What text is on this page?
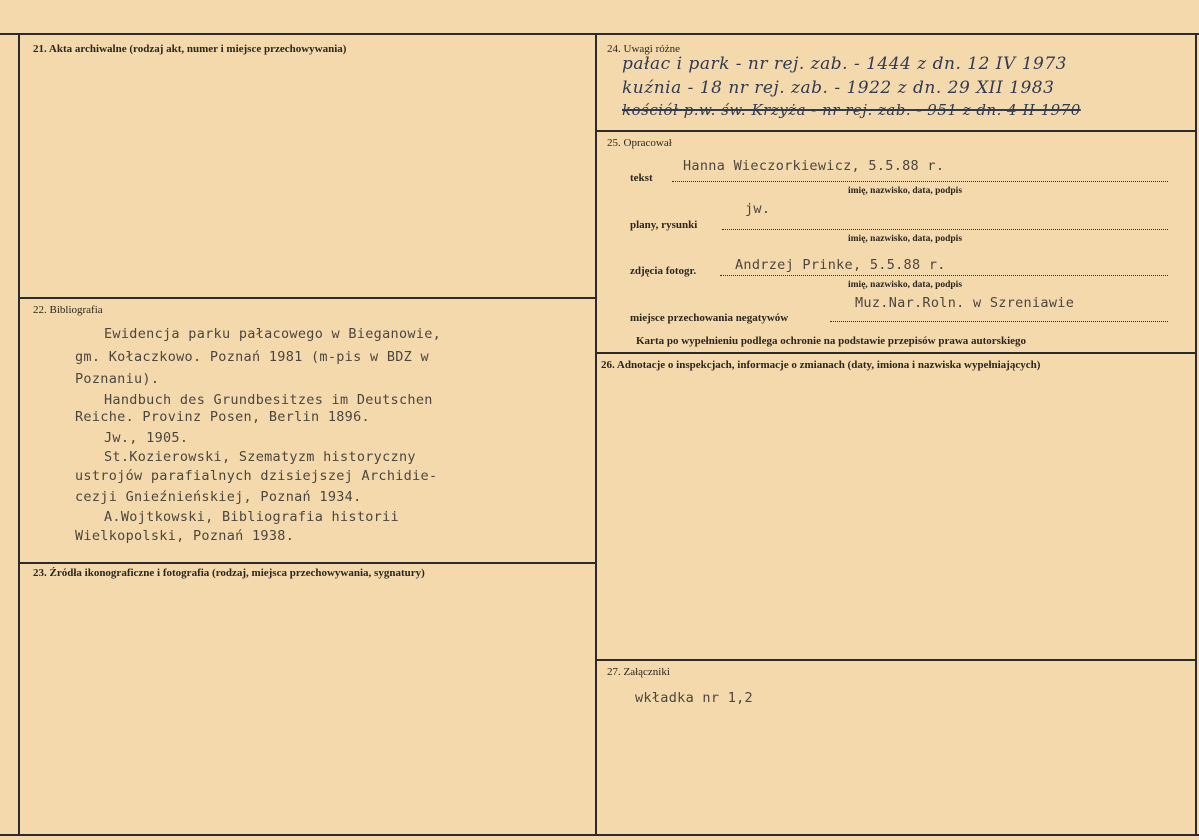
21. Akta archiwalne (rodzaj akt, numer i miejsce przechowywania)
22. Bibliografia
Ewidencja parku pałacowego w Bieganowie,
gm. Kołaczkowo. Poznań 1981 (m-pis w BDZ w
Poznaniu).
Handbuch des Grundbesitzes im Deutschen
Reiche. Provinz Posen, Berlin 1896.
Jw., 1905.
St.Kozierowski, Szematyzm historyczny
ustrojów parafialnych dzisiejszej Archidie-
cezji Gnieźnieńskiej, Poznań 1934.
A.Wojtkowski, Bibliografia historii
Wielkopolski, Poznań 1938.
23. Źródła ikonograficzne i fotografia (rodzaj, miejsca przechowywania, sygnatury)
24. Uwagi różne
pałac i park - nr rej. zab. - 1444 z dn. 12 IV 1973
kuźnia - 18 nr rej. zab. - 1922 z dn. 29 XII 1983
kościół p.w. św. Krzyża - nr rej. zab. - 951 z dn. 4 II 1970
25. Opracował
tekst
Hanna Wieczorkiewicz, 5.5.88 r.
imię, nazwisko, data, podpis
plany, rysunki
jw.
imię, nazwisko, data, podpis
zdjęcia fotogr.	Andrzej Prinke, 5.5.88 r.
imię, nazwisko, data, podpis
miejsce przechowania negatywów
Muz.Nar.Roln. w Szreniawie
Karta po wypełnieniu podlega ochronie na podstawie przepisów prawa autorskiego
26. Adnotacje o inspekcjach, informacje o zmianach (daty, imiona i nazwiska wypełniających)
27. Załączniki
wkładka nr 1,2
